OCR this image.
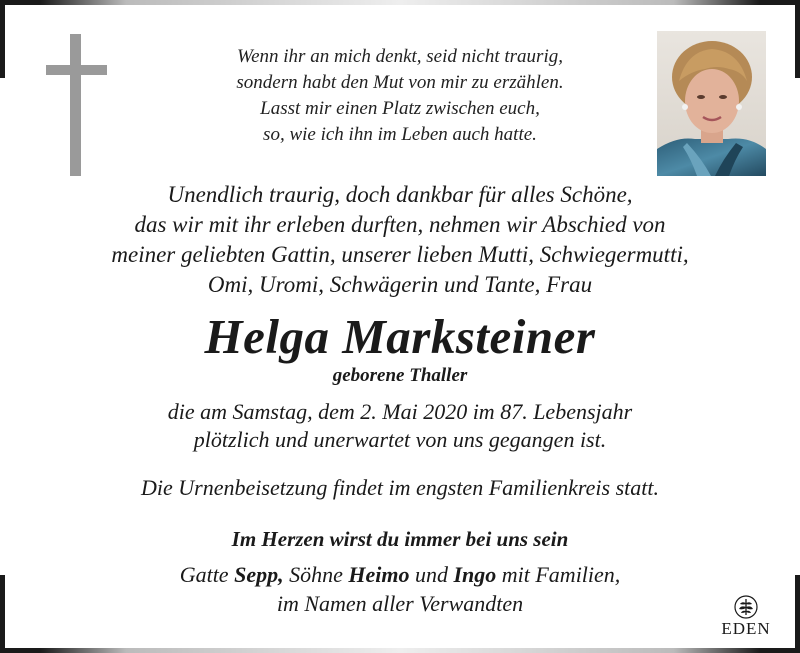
Wenn ihr an mich denkt, seid nicht traurig,
sondern habt den Mut von mir zu erzählen.
Lasst mir einen Platz zwischen euch,
so, wie ich ihn im Leben auch hatte.
Unendlich traurig, doch dankbar für alles Schöne,
das wir mit ihr erleben durften, nehmen wir Abschied von
meiner geliebten Gattin, unserer lieben Mutti, Schwiegermutti,
Omi, Uromi, Schwägerin und Tante, Frau
Helga Marksteiner
geborene Thaller
die am Samstag, dem 2. Mai 2020 im 87. Lebensjahr
plötzlich und unerwartet von uns gegangen ist.
Die Urnenbeisetzung findet im engsten Familienkreis statt.
Im Herzen wirst du immer bei uns sein
Gatte Sepp, Söhne Heimo und Ingo mit Familien,
im Namen aller Verwandten
EDEN
